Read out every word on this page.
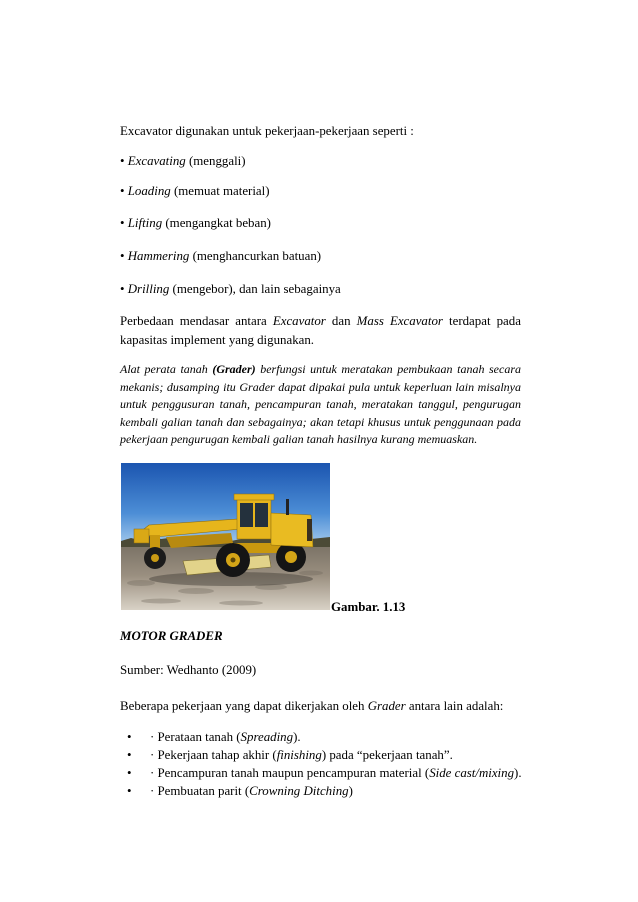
Excavator digunakan untuk pekerjaan-pekerjaan seperti :
• Excavating (menggali)
• Loading (memuat material)
• Lifting (mengangkat beban)
• Hammering (menghancurkan batuan)
• Drilling (mengebor), dan lain sebagainya
Perbedaan mendasar antara Excavator dan Mass Excavator terdapat pada
kapasitas implement yang digunakan.
Alat perata tanah (Grader) berfungsi untuk meratakan pembukaan tanah secara
mekanis; dusamping itu Grader dapat dipakai pula untuk keperluan lain misalnya
untuk penggusuran tanah, pencampuran tanah, meratakan tanggul, pengurugan
kembali galian tanah dan sebagainya; akan tetapi khusus untuk penggunaan pada
pekerjaan pengurugan kembali galian tanah hasilnya kurang memuaskan.
Gambar. 1.13
MOTOR GRADER
Sumber: Wedhanto (2009)
Beberapa pekerjaan yang dapat dikerjakan oleh Grader antara lain adalah:
• · Perataan tanah (Spreading).
• · Pekerjaan tahap akhir (finishing) pada “pekerjaan tanah”.
• · Pencampuran tanah maupun pencampuran material (Side cast/mixing).
• · Pembuatan parit (Crowning Ditching)
